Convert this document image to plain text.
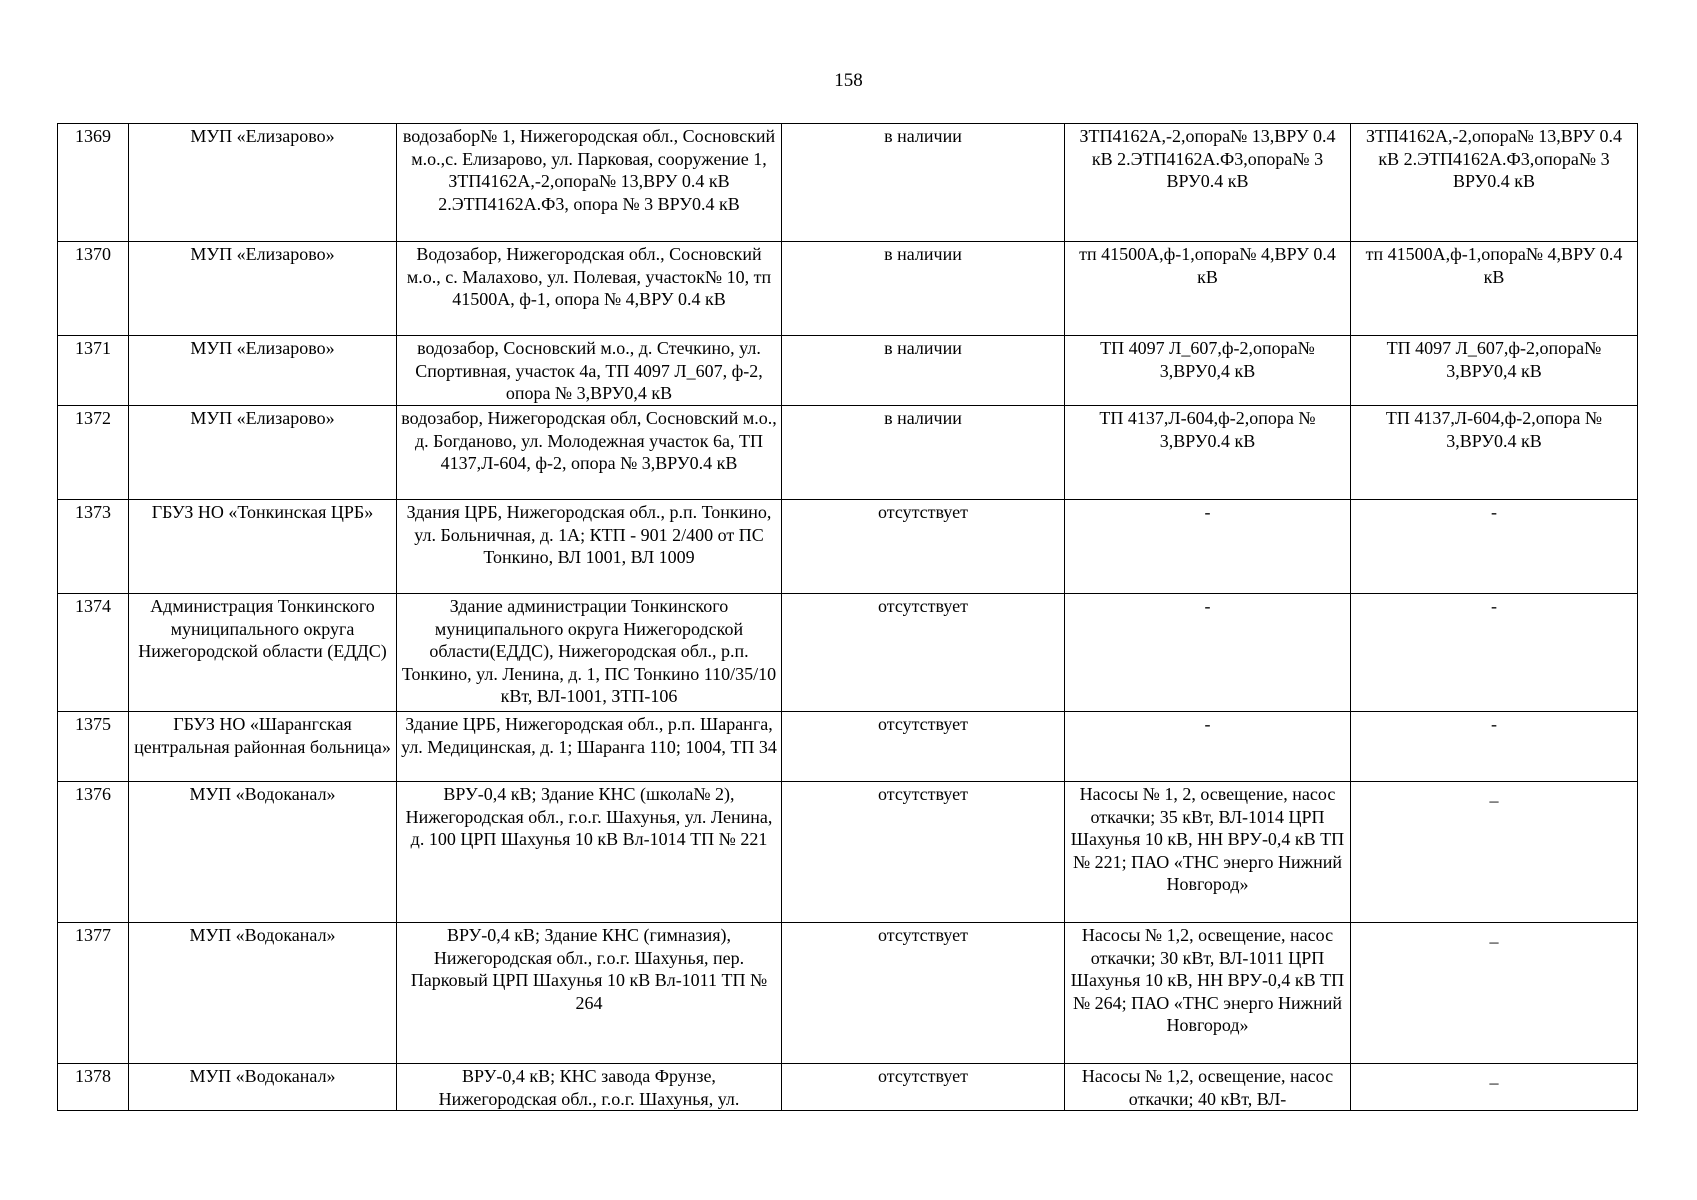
158
1369	МУП «Елизарово»	водозабор№ 1, Нижегородская обл., Сосновский м.о.,с. Елизарово, ул. Парковая, сооружение 1, ЗТП4162А,-2,опора№ 13,ВРУ 0.4 кВ 2.ЭТП4162А.Ф3, опора № 3 ВРУ0.4 кВ	в наличии	ЗТП4162А,-2,опора№ 13,ВРУ 0.4 кВ 2.ЭТП4162А.Ф3,опора№ 3 ВРУ0.4 кВ	ЗТП4162А,-2,опора№ 13,ВРУ 0.4 кВ 2.ЭТП4162А.Ф3,опора№ 3 ВРУ0.4 кВ
1370	МУП «Елизарово»	Водозабор, Нижегородская обл., Сосновский м.о., с. Малахово, ул. Полевая, участок№ 10, тп 41500А, ф-1, опора № 4,ВРУ 0.4 кВ	в наличии	тп 41500А,ф-1,опора№ 4,ВРУ 0.4 кВ	тп 41500А,ф-1,опора№ 4,ВРУ 0.4 кВ
1371	МУП «Елизарово»	водозабор, Сосновский м.о., д. Стечкино, ул. Спортивная, участок 4а, ТП 4097 Л_607, ф-2, опора № 3,ВРУ0,4 кВ	в наличии	ТП 4097 Л_607,ф-2,опора№ 3,ВРУ0,4 кВ	ТП 4097 Л_607,ф-2,опора№ 3,ВРУ0,4 кВ
1372	МУП «Елизарово»	водозабор, Нижегородская обл, Сосновский м.о., д. Богданово, ул. Молодежная участок 6а, ТП 4137,Л-604, ф-2, опора № 3,ВРУ0.4 кВ	в наличии	ТП 4137,Л-604,ф-2,опора № 3,ВРУ0.4 кВ	ТП 4137,Л-604,ф-2,опора № 3,ВРУ0.4 кВ
1373	ГБУЗ НО «Тонкинская ЦРБ»	Здания ЦРБ, Нижегородская обл., р.п. Тонкино, ул. Больничная, д. 1А; КТП - 901 2/400 от ПС Тонкино, ВЛ 1001, ВЛ 1009	отсутствует	-	-
1374	Администрация Тонкинского муниципального округа Нижегородской области (ЕДДС)	Здание администрации Тонкинского муниципального округа Нижегородской области(ЕДДС), Нижегородская обл., р.п. Тонкино, ул. Ленина, д. 1, ПС Тонкино 110/35/10 кВт, ВЛ-1001, ЗТП-106	отсутствует	-	-
1375	ГБУЗ НО «Шарангская центральная районная больница»	Здание ЦРБ, Нижегородская обл., р.п. Шаранга, ул. Медицинская, д. 1; Шаранга 110; 1004, ТП 34	отсутствует	-	-
1376	МУП «Водоканал»	ВРУ-0,4 кВ; Здание КНС (школа№ 2), Нижегородская обл., г.о.г. Шахунья, ул. Ленина, д. 100 ЦРП Шахунья 10 кВ Вл-1014 ТП № 221	отсутствует	Насосы № 1, 2, освещение, насос откачки; 35 кВт, ВЛ-1014 ЦРП Шахунья 10 кВ, НН ВРУ-0,4 кВ ТП № 221; ПАО «ТНС энерго Нижний Новгород»	_
1377	МУП «Водоканал»	ВРУ-0,4 кВ; Здание КНС (гимназия), Нижегородская обл., г.о.г. Шахунья, пер. Парковый ЦРП Шахунья 10 кВ Вл-1011 ТП № 264	отсутствует	Насосы № 1,2, освещение, насос откачки; 30 кВт, ВЛ-1011 ЦРП Шахунья 10 кВ, НН ВРУ-0,4 кВ ТП № 264; ПАО «ТНС энерго Нижний Новгород»	_
1378	МУП «Водоканал»	ВРУ-0,4 кВ; КНС завода Фрунзе, Нижегородская обл., г.о.г. Шахунья, ул.	отсутствует	Насосы № 1,2, освещение, насос откачки; 40 кВт, ВЛ-	_
